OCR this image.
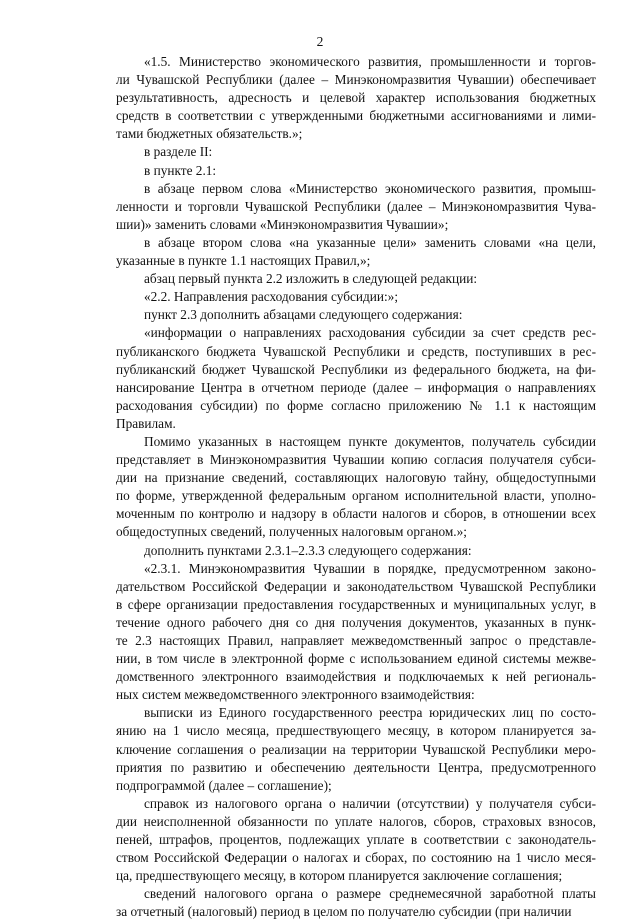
2
«1.5. Министерство экономического развития, промышленности и торгов-
ли Чувашской Республики (далее – Минэкономразвития Чувашии) обеспечивает
результативность, адресность и целевой характер использования бюджетных
средств в соответствии с утвержденными бюджетными ассигнованиями и лими-
тами бюджетных обязательств.»;
в разделе II:
в пункте 2.1:
в абзаце первом слова «Министерство экономического развития, промыш-
ленности и торговли Чувашской Республики (далее – Минэкономразвития Чува-
шии)» заменить словами «Минэкономразвития Чувашии»;
в абзаце втором слова «на указанные цели» заменить словами «на цели,
указанные в пункте 1.1 настоящих Правил,»;
абзац первый пункта 2.2 изложить в следующей редакции:
«2.2. Направления расходования субсидии:»;
пункт 2.3 дополнить абзацами следующего содержания:
«информации о направлениях расходования субсидии за счет средств рес-
публиканского бюджета Чувашской Республики и средств, поступивших в рес-
публиканский бюджет Чувашской Республики из федерального бюджета, на фи-
нансирование Центра в отчетном периоде (далее – информация о направлениях
расходования субсидии) по форме согласно приложению № 1.1 к настоящим
Правилам.
Помимо указанных в настоящем пункте документов, получатель субсидии
представляет в Минэкономразвития Чувашии копию согласия получателя субси-
дии на признание сведений, составляющих налоговую тайну, общедоступными
по форме, утвержденной федеральным органом исполнительной власти, уполно-
моченным по контролю и надзору в области налогов и сборов, в отношении всех
общедоступных сведений, полученных налоговым органом.»;
дополнить пунктами 2.3.1–2.3.3 следующего содержания:
«2.3.1. Минэкономразвития Чувашии в порядке, предусмотренном законо-
дательством Российской Федерации и законодательством Чувашской Республики
в сфере организации предоставления государственных и муниципальных услуг, в
течение одного рабочего дня со дня получения документов, указанных в пунк-
те 2.3 настоящих Правил, направляет межведомственный запрос о представле-
нии, в том числе в электронной форме с использованием единой системы межве-
домственного электронного взаимодействия и подключаемых к ней региональ-
ных систем межведомственного электронного взаимодействия:
выписки из Единого государственного реестра юридических лиц по состо-
янию на 1 число месяца, предшествующего месяцу, в котором планируется за-
ключение соглашения о реализации на территории Чувашской Республики меро-
приятия по развитию и обеспечению деятельности Центра, предусмотренного
подпрограммой (далее – соглашение);
справок из налогового органа о наличии (отсутствии) у получателя субси-
дии неисполненной обязанности по уплате налогов, сборов, страховых взносов,
пеней, штрафов, процентов, подлежащих уплате в соответствии с законодатель-
ством Российской Федерации о налогах и сборах, по состоянию на 1 число меся-
ца, предшествующего месяцу, в котором планируется заключение соглашения;
сведений налогового органа о размере среднемесячной заработной платы
за отчетный (налоговый) период в целом по получателю субсидии (при наличии
